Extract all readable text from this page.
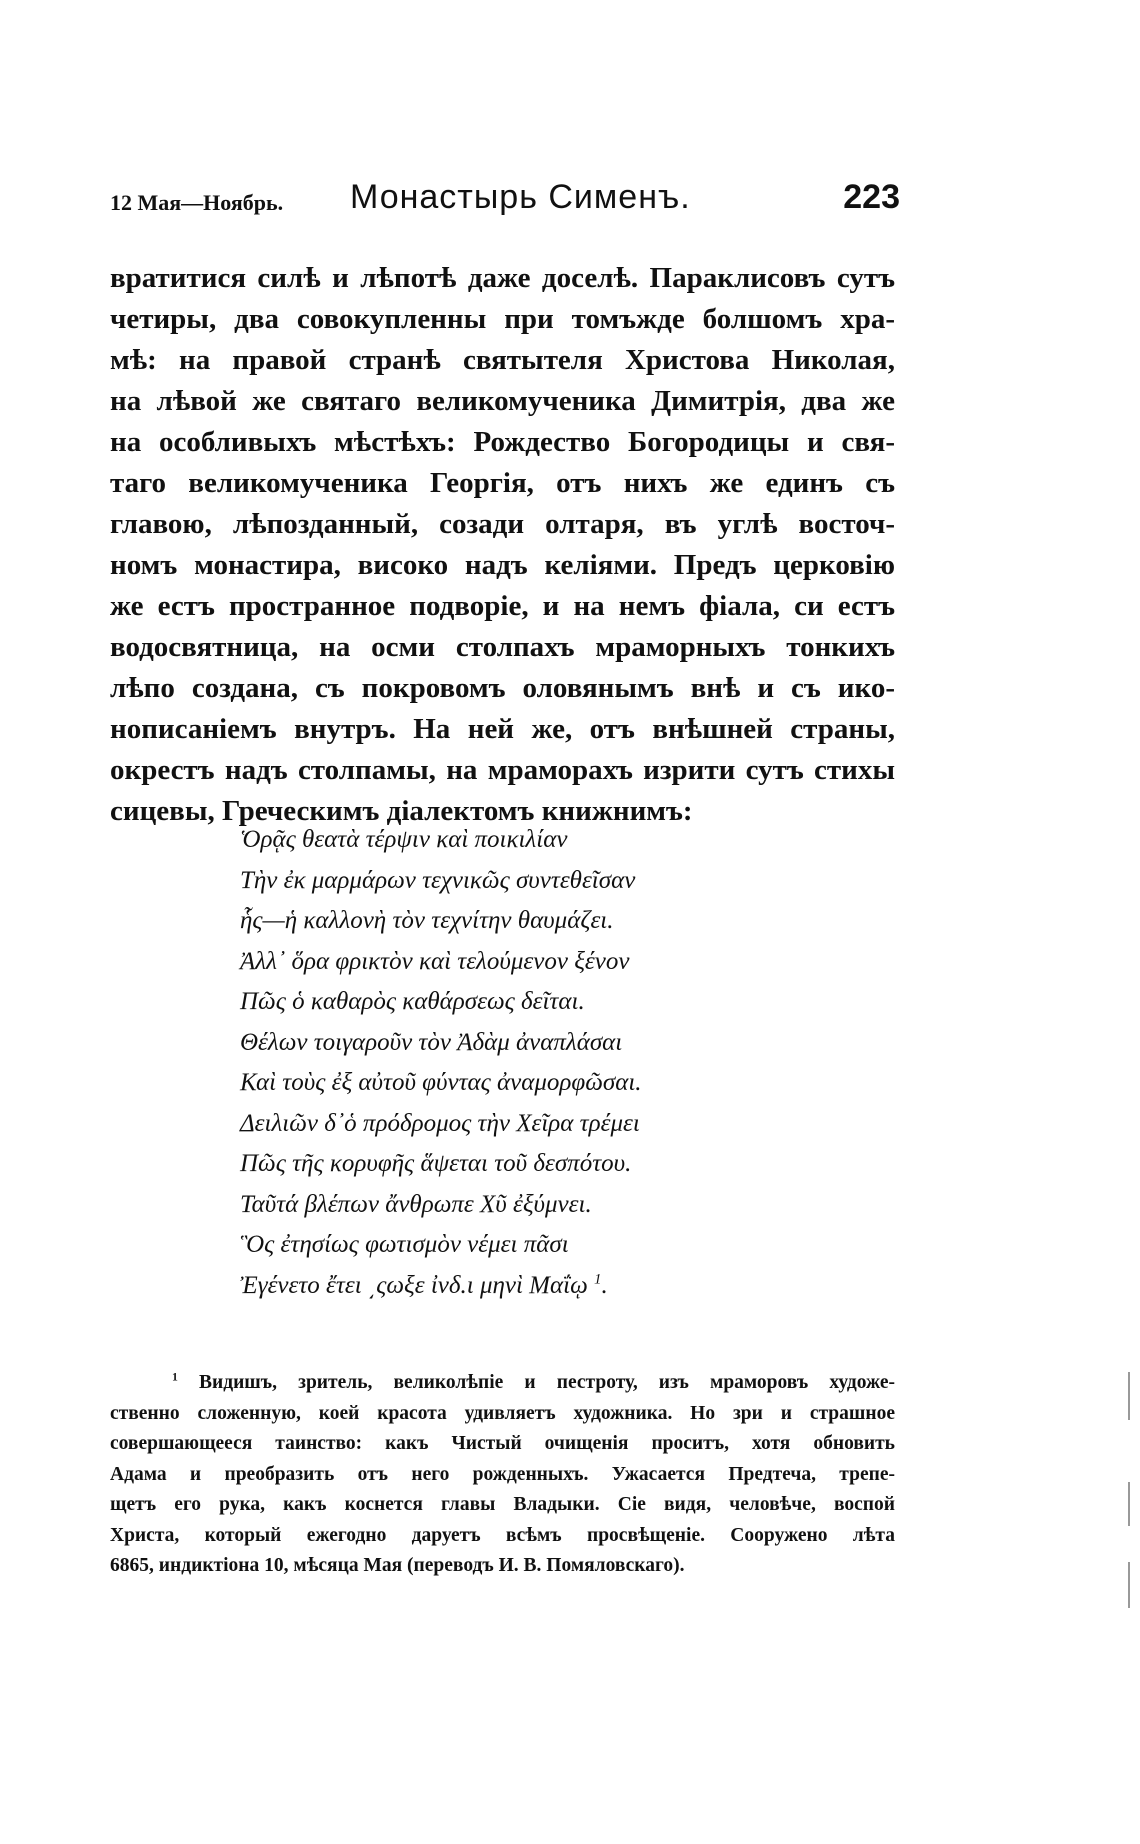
12 Мая—Ноябрь. Монастырь Сименъ.	223
вратитися силѣ и лѣпотѣ даже доселѣ. Параклисовъ сутъ
четиры, два совокупленны при томъжде болшомъ хра-
мѣ: на правой странѣ святытеля Христова Николая,
на лѣвой же святаго великомученика Димитрія, два же
на особливыхъ мѣстѣхъ: Рождество Богородицы и свя-
таго великомученика Георгія, отъ нихъ же единъ съ
главою, лѣпозданный, созади олтаря, въ углѣ восточ-
номъ монастира, високо надъ келіями. Предъ церковію
же естъ пространное подворіе, и на немъ фіала, си естъ
водосвятница, на осми столпахъ мраморныхъ тонкихъ
лѣпо создана, съ покровомъ оловянымъ внѣ и съ ико-
нописаніемъ внутръ. На ней же, отъ внѣшней страны,
окрестъ надъ столпамы, на мраморахъ изрити сутъ стихы
сицевы, Греческимъ діалектомъ книжнимъ:
Ὁρᾷς θεατὰ τέρψιν καὶ ποικιλίαν
Τὴν ἐκ μαρμάρων τεχνικῶς συντεθεῖσαν
ἧς—ἡ καλλονὴ τὸν τεχνίτην θαυμάζει.
Ἀλλ᾽ ὅρα φρικτὸν καὶ τελούμενον ξένον
Πῶς ὁ καθαρὸς καθάρσεως δεῖται.
Θέλων τοιγαροῦν τὸν Ἀδὰμ ἀναπλάσαι
Καὶ τοὺς ἐξ αὐτοῦ φύντας ἀναμορφῶσαι.
Δειλιῶν δ᾽ὁ πρόδρομος τὴν Χεῖρα τρέμει
Πῶς τῆς κορυφῆς ἅψεται τοῦ δεσπότου.
Ταῦτά βλέπων ἄνθρωπε Χῦ ἐξύμνει.
Ὃς ἐτησίως φωτισμὸν νέμει πᾶσι
Ἐγένετο ἔτει ͵ςωξε ἰνδ.ι μηνὶ Μαΐῳ $^1$.
$^1$ Видишъ, зритель, великолѣпіе и пестроту, изъ мраморовъ художе-
ственно сложенную, коей красота удивляетъ художника. Но зри и страшное
совершающееся таинство: какъ Чистый очищенія проситъ, хотя обновить
Адама и преобразить отъ него рожденныхъ. Ужасается Предтеча, трепе-
щетъ его рука, какъ коснется главы Владыки. Сіе видя, человѣче, воспой
Христа, который ежегодно даруетъ всѣмъ просвѣщеніе. Сооружено лѣта
6865, индиктіона 10, мѣсяца Мая (переводъ И. В. Помяловскаго).
